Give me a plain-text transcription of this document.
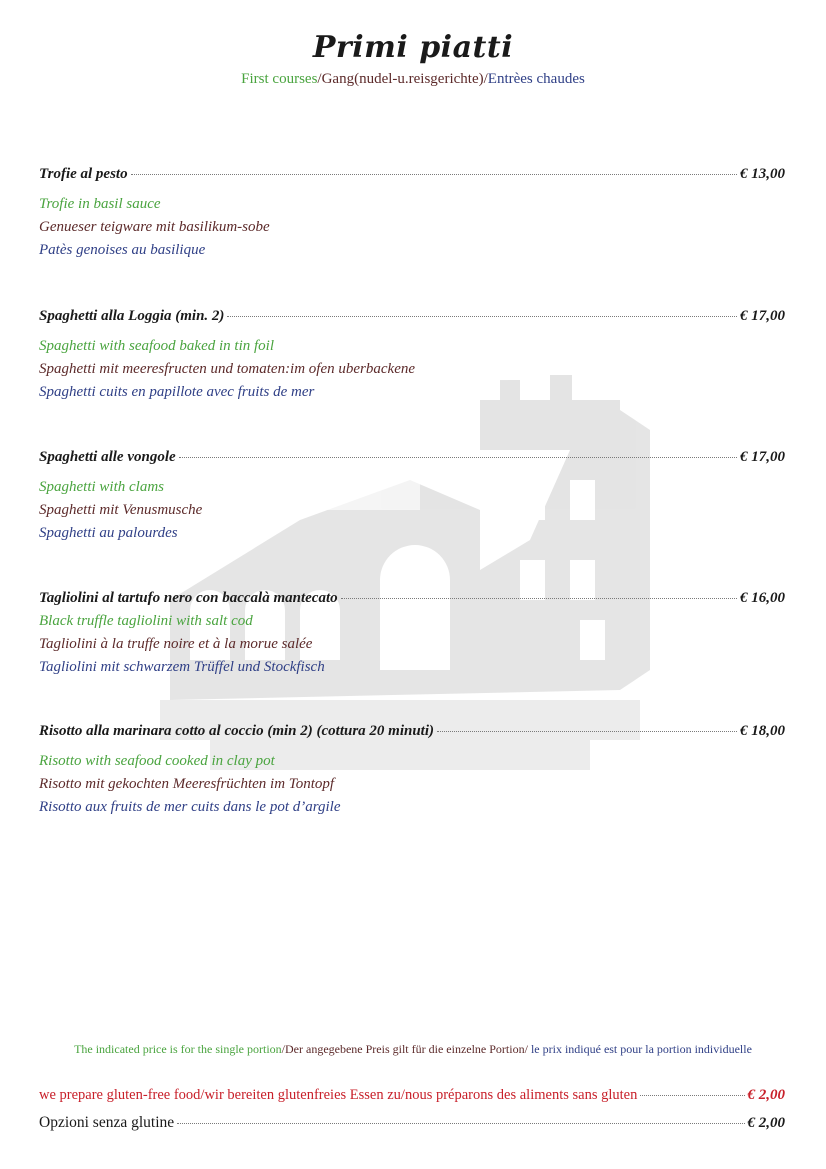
Primi piatti
First courses/Gang(nudel-u.reisgerichte)/Entrèes chaudes
Trofie al pesto	€ 13,00
Trofie in basil sauce
Genueser teigware mit basilikum-sobe
Patès genoises au basilique
Spaghetti alla Loggia (min. 2)	€ 17,00
Spaghetti with seafood baked in tin foil
Spaghetti mit meeresfructen und tomaten:im ofen uberbackene
Spaghetti cuits en papillote avec fruits de mer
Spaghetti alle vongole	€ 17,00
Spaghetti with clams
Spaghetti mit Venusmusche
Spaghetti au palourdes
Tagliolini al tartufo nero con baccalà mantecato	€ 16,00
Black truffle tagliolini with salt cod
Tagliolini à la truffe noire et à la morue salée
Tagliolini mit schwarzem Trüffel und Stockfisch
Risotto alla marinara cotto al coccio (min 2) (cottura 20 minuti)	€ 18,00
Risotto with seafood cooked in clay pot
Risotto mit gekochten Meeresfrüchten im Tontopf
Risotto aux fruits de mer cuits dans le pot d’argile
The indicated price is for the single portion/Der angegebene Preis gilt für die einzelne Portion/ le prix indiqué est pour la portion individuelle
we prepare gluten-free food/wir bereiten glutenfreies Essen zu/nous préparons des aliments sans gluten	€ 2,00
Opzioni senza glutine	€ 2,00
